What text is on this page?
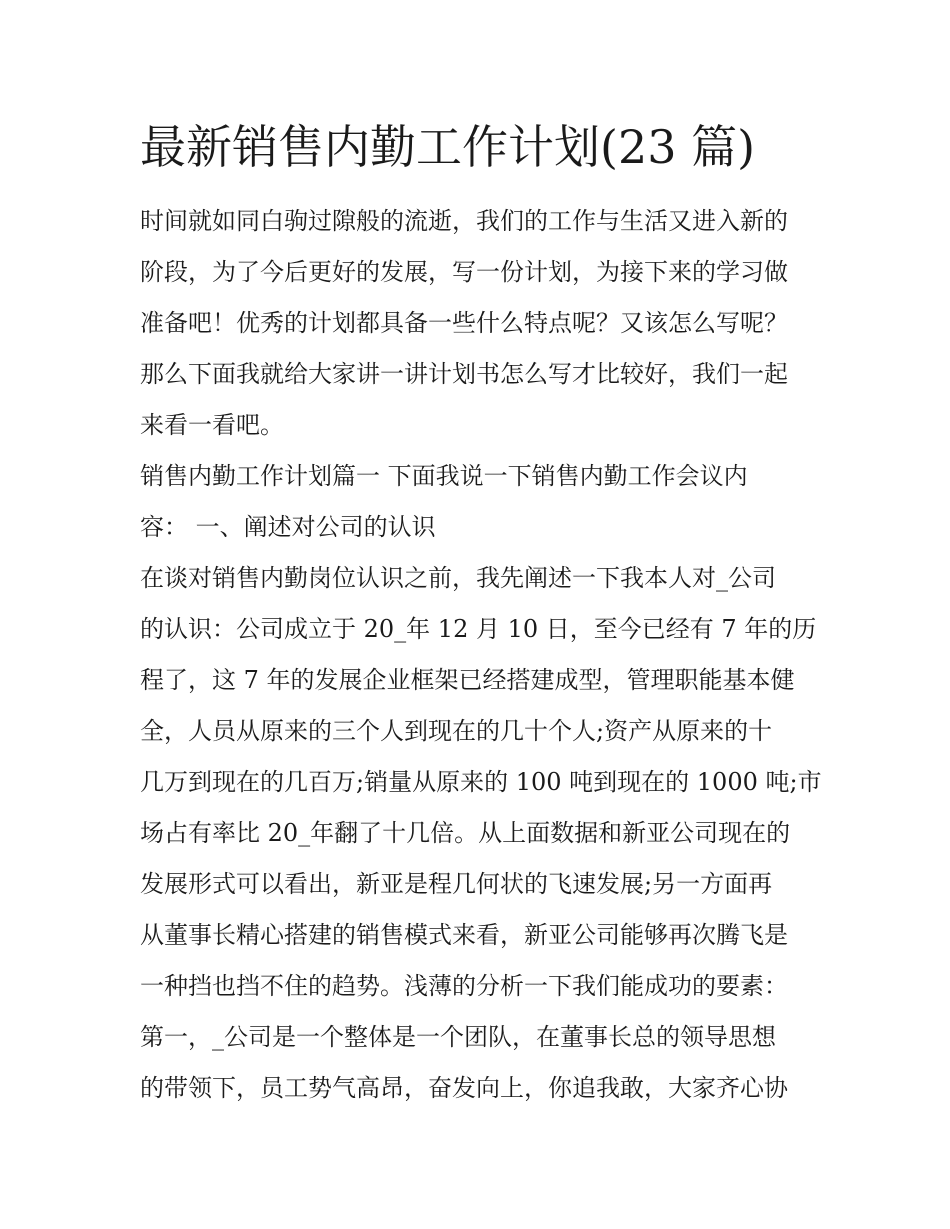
最新销售内勤工作计划(23 篇)
时间就如同白驹过隙般的流逝，我们的工作与生活又进入新的
阶段，为了今后更好的发展，写一份计划，为接下来的学习做
准备吧！优秀的计划都具备一些什么特点呢？又该怎么写呢？
那么下面我就给大家讲一讲计划书怎么写才比较好，我们一起
来看一看吧。
销售内勤工作计划篇一 下面我说一下销售内勤工作会议内
容： 一、阐述对公司的认识
在谈对销售内勤岗位认识之前，我先阐述一下我本人对_公司
的认识：公司成立于 20_年 12 月 10 日，至今已经有 7 年的历
程了，这 7 年的发展企业框架已经搭建成型，管理职能基本健
全，人员从原来的三个人到现在的几十个人;资产从原来的十
几万到现在的几百万;销量从原来的 100 吨到现在的 1000 吨;市
场占有率比 20_年翻了十几倍。从上面数据和新亚公司现在的
发展形式可以看出，新亚是程几何状的飞速发展;另一方面再
从董事长精心搭建的销售模式来看，新亚公司能够再次腾飞是
一种挡也挡不住的趋势。浅薄的分析一下我们能成功的要素：
第一，_公司是一个整体是一个团队，在董事长总的领导思想
的带领下，员工势气高昂，奋发向上，你追我敢，大家齐心协
